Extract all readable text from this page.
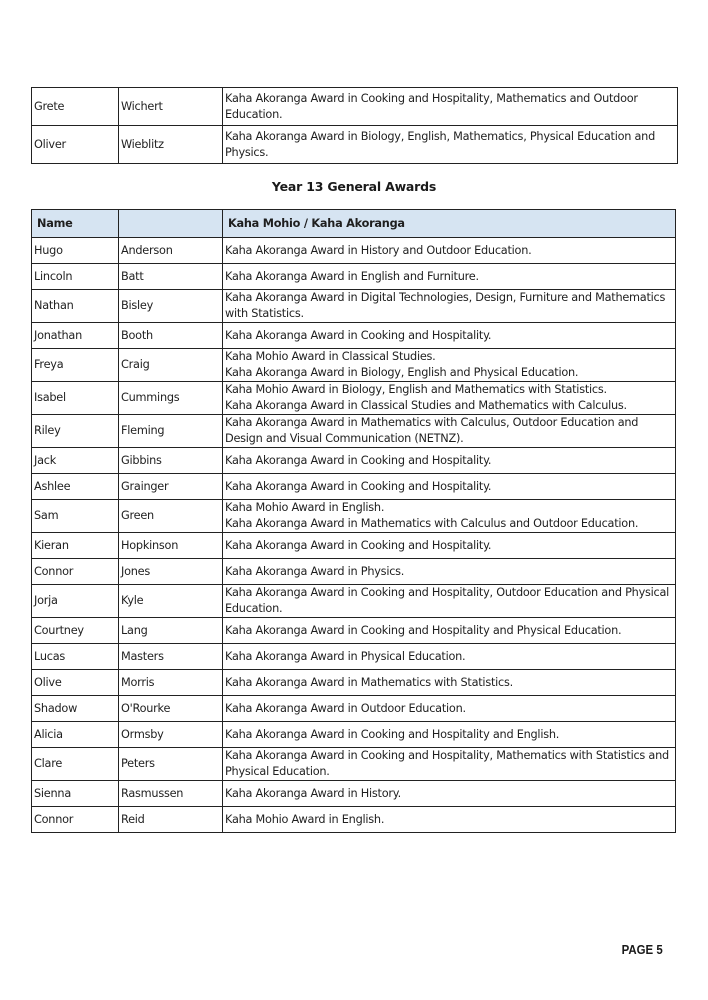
Grete	Wichert	Kaha Akoranga Award in Cooking and Hospitality, Mathematics and Outdoor Education.

Oliver	Wieblitz	Kaha Akoranga Award in Biology, English, Mathematics, Physical Education and Physics.
Year 13 General Awards
Name		Kaha Mohio / Kaha Akoranga
Hugo	Anderson	Kaha Akoranga Award in History and Outdoor Education.

Lincoln	Batt	Kaha Akoranga Award in English and Furniture.

Nathan	Bisley	Kaha Akoranga Award in Digital Technologies, Design, Furniture and Mathematics with Statistics.

Jonathan	Booth	Kaha Akoranga Award in Cooking and Hospitality.

Freya	Craig	Kaha Mohio Award in Classical Studies.
Kaha Akoranga Award in Biology, English and Physical Education.

Isabel	Cummings	Kaha Mohio Award in Biology, English and Mathematics with Statistics.
Kaha Akoranga Award in Classical Studies and Mathematics with Calculus.

Riley	Fleming	Kaha Akoranga Award in Mathematics with Calculus, Outdoor Education and Design and Visual Communication (NETNZ).

Jack	Gibbins	Kaha Akoranga Award in Cooking and Hospitality.

Ashlee	Grainger	Kaha Akoranga Award in Cooking and Hospitality.

Sam	Green	Kaha Mohio Award in English.
Kaha Akoranga Award in Mathematics with Calculus and Outdoor Education.

Kieran	Hopkinson	Kaha Akoranga Award in Cooking and Hospitality.

Connor	Jones	Kaha Akoranga Award in Physics.

Jorja	Kyle	Kaha Akoranga Award in Cooking and Hospitality, Outdoor Education and Physical Education.

Courtney	Lang	Kaha Akoranga Award in Cooking and Hospitality and Physical Education.

Lucas	Masters	Kaha Akoranga Award in Physical Education.

Olive	Morris	Kaha Akoranga Award in Mathematics with Statistics.

Shadow	O'Rourke	Kaha Akoranga Award in Outdoor Education.

Alicia	Ormsby	Kaha Akoranga Award in Cooking and Hospitality and English.

Clare	Peters	Kaha Akoranga Award in Cooking and Hospitality, Mathematics with Statistics and Physical Education.

Sienna	Rasmussen	Kaha Akoranga Award in History.

Connor	Reid	Kaha Mohio Award in English.
PAGE 5
